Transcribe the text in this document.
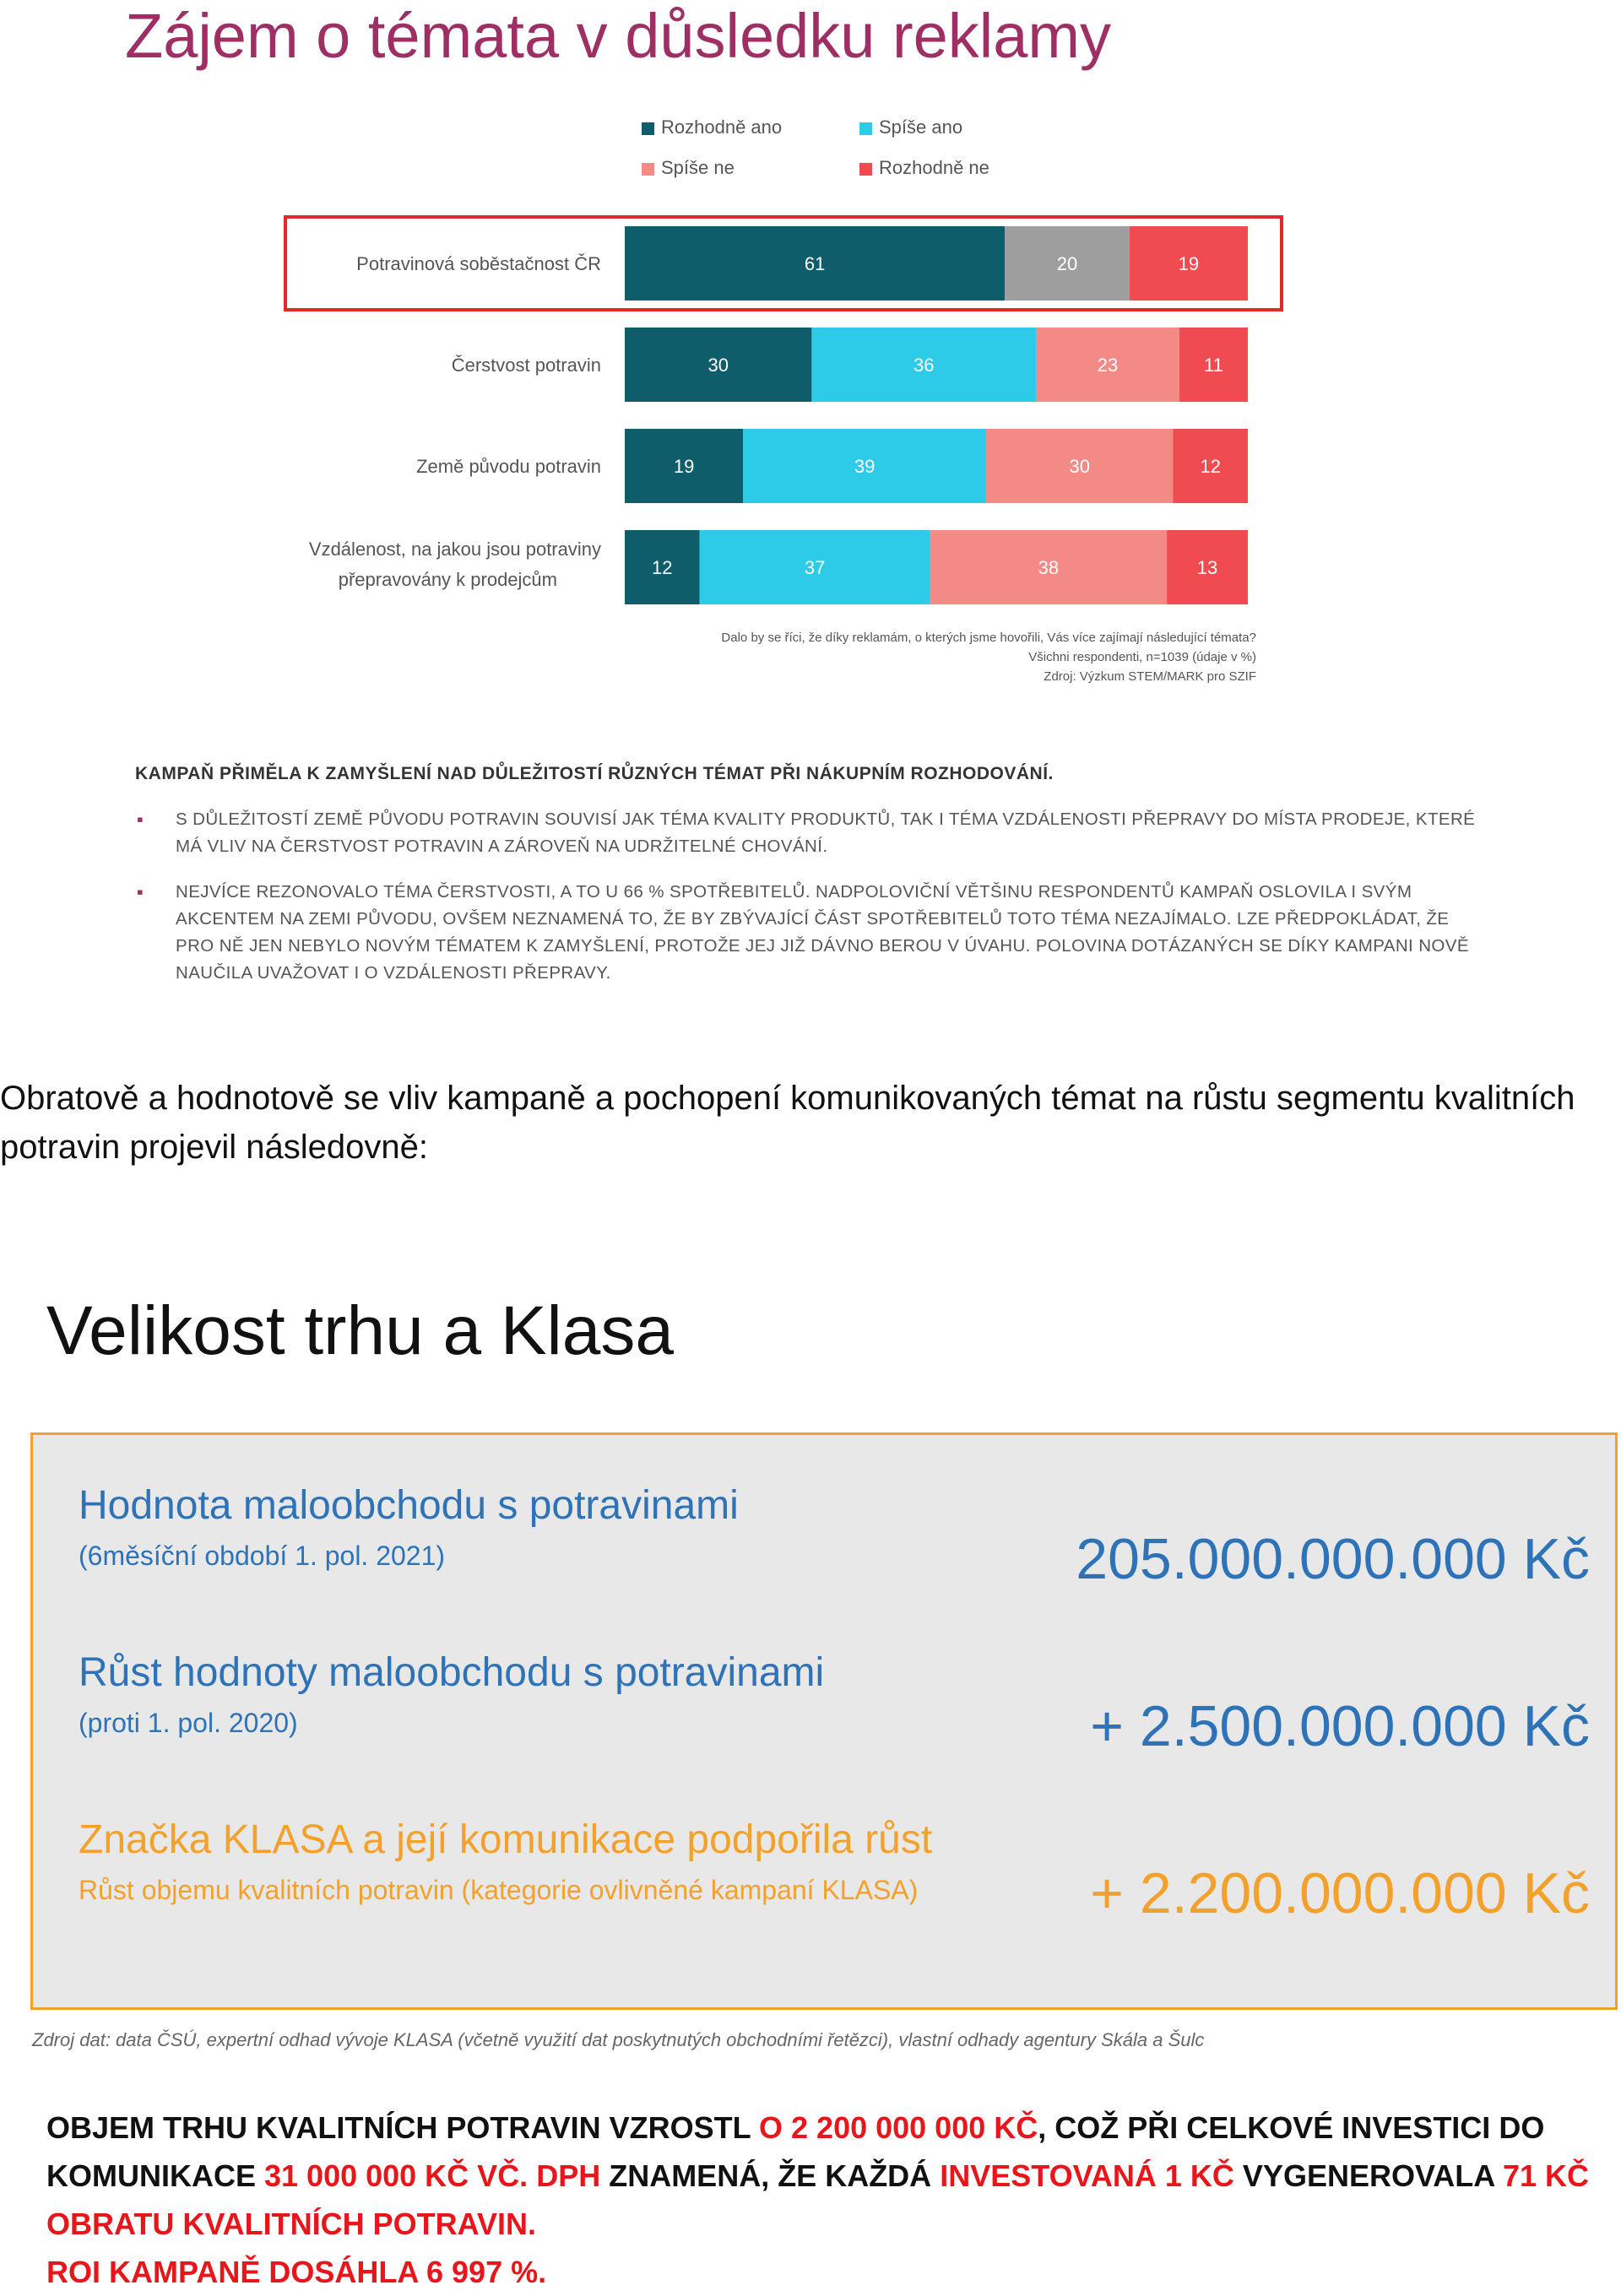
Zájem o témata v důsledku reklamy
Rozhodně ano	Spíše ano
Spíše ne	Rozhodně ne
Potravinová soběstačnost ČR	61	20	19
Čerstvost potravin	30	36	23	11
Země původu potravin	19	39	30	12
Vzdálenost, na jakou jsou potraviny
přepravovány k prodejcům
12	37	38	13
Dalo by se říci, že díky reklamám, o kterých jsme hovořili, Vás více zajímají následující témata?
Všichni respondenti, n=1039 (údaje v %)
Zdroj: Výzkum STEM/MARK pro SZIF
KAMPAŇ PŘIMĚLA K ZAMYŠLENÍ NAD DŮLEŽITOSTÍ RŮZNÝCH TÉMAT PŘI NÁKUPNÍM ROZHODOVÁNÍ.
▪ S DŮLEŽITOSTÍ ZEMĚ PŮVODU POTRAVIN SOUVISÍ JAK TÉMA KVALITY PRODUKTŮ, TAK I TÉMA VZDÁLENOSTI PŘEPRAVY DO MÍSTA PRODEJE, KTERÉ MÁ VLIV NA ČERSTVOST POTRAVIN A ZÁROVEŇ NA UDRŽITELNÉ CHOVÁNÍ.
▪ NEJVÍCE REZONOVALO TÉMA ČERSTVOSTI, A TO U 66 % SPOTŘEBITELŮ. NADPOLOVIČNÍ VĚTŠINU RESPONDENTŮ KAMPAŇ OSLOVILA I SVÝM AKCENTEM NA ZEMI PŮVODU, OVŠEM NEZNAMENÁ TO, ŽE BY ZBÝVAJÍCÍ ČÁST SPOTŘEBITELŮ TOTO TÉMA NEZAJÍMALO. LZE PŘEDPOKLÁDAT, ŽE PRO NĚ JEN NEBYLO NOVÝM TÉMATEM K ZAMYŠLENÍ, PROTOŽE JEJ JIŽ DÁVNO BEROU V ÚVAHU. POLOVINA DOTÁZANÝCH SE DÍKY KAMPANI NOVĚ NAUČILA UVAŽOVAT I O VZDÁLENOSTI PŘEPRAVY.
Obratově a hodnotově se vliv kampaně a pochopení komunikovaných témat na růstu segmentu kvalitních potravin projevil následovně:
Velikost trhu a Klasa
Hodnota maloobchodu s potravinami
(6měsíční období 1. pol. 2021)	205.000.000.000 Kč
Růst hodnoty maloobchodu s potravinami
(proti 1. pol. 2020)	+ 2.500.000.000 Kč
Značka KLASA a její komunikace podpořila růst
Růst objemu kvalitních potravin (kategorie ovlivněné kampaní KLASA)	+ 2.200.000.000 Kč
Zdroj dat: data ČSÚ, expertní odhad vývoje KLASA (včetně využití dat poskytnutých obchodními řetězci), vlastní odhady agentury Skála a Šulc
OBJEM TRHU KVALITNÍCH POTRAVIN VZROSTL O 2 200 000 000 KČ, COŽ PŘI CELKOVÉ INVESTICI DO KOMUNIKACE 31 000 000 KČ VČ. DPH ZNAMENÁ, ŽE KAŽDÁ INVESTOVANÁ 1 KČ VYGENEROVALA 71 KČ OBRATU KVALITNÍCH POTRAVIN.
ROI KAMPANĚ DOSÁHLA 6 997 %.
